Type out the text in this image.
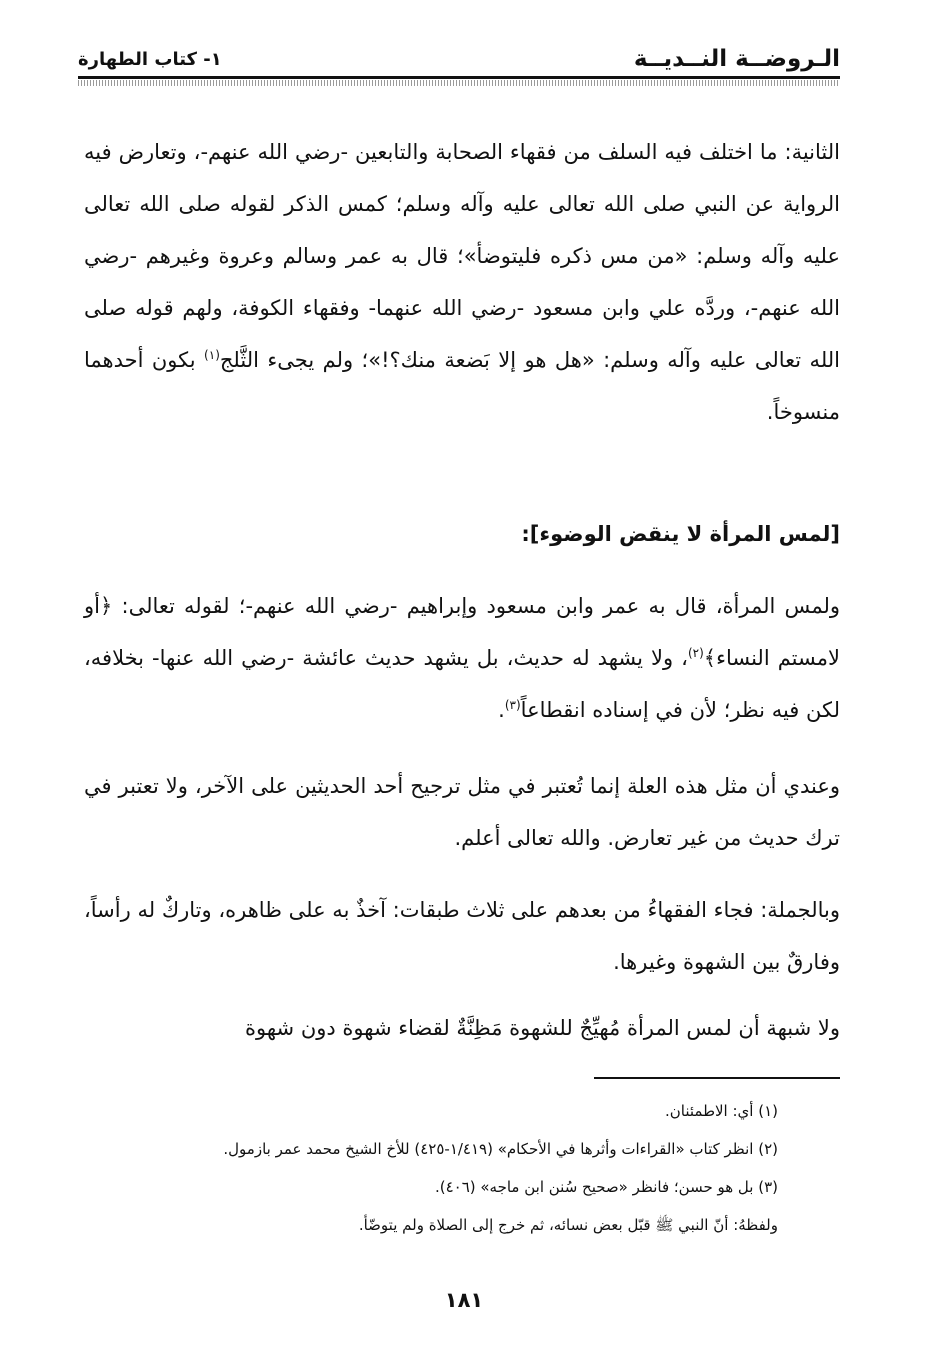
الـروضــة النــديــة
١- كتاب الطهارة

الثانية: ما اختلف فيه السلف من فقهاء الصحابة والتابعين -رضي الله عنهم-، وتعارض فيه الرواية عن النبي صلى الله تعالى عليه وآله وسلم؛ كمس الذكر لقوله صلى الله تعالى عليه وآله وسلم: «من مس ذكره فليتوضأ»؛ قال به عمر وسالم وعروة وغيرهم -رضي الله عنهم-، وردَّه علي وابن مسعود -رضي الله عنهما- وفقهاء الكوفة، ولهم قوله صلى الله تعالى عليه وآله وسلم: «هل هو إلا بَضعة منك؟!»؛ ولم يجىء الثَّلج$^{(١)}$ بكون أحدهما منسوخاً.

[لمس المرأة لا ينقض الوضوء]:

ولمس المرأة، قال به عمر وابن مسعود وإبراهيم -رضي الله عنهم-؛ لقوله تعالى: ﴿أو لامستم النساء﴾$^{(٢)}$، ولا يشهد له حديث، بل يشهد حديث عائشة -رضي الله عنها- بخلافه، لكن فيه نظر؛ لأن في إسناده انقطاعاً$^{(٣)}$.

وعندي أن مثل هذه العلة إنما تُعتبر في مثل ترجيح أحد الحديثين على الآخر، ولا تعتبر في ترك حديث من غير تعارض. والله تعالى أعلم.

وبالجملة: فجاء الفقهاءُ من بعدهم على ثلاث طبقات: آخذٌ به على ظاهره، وتاركٌ له رأساً، وفارقٌ بين الشهوة وغيرها.

ولا شبهة أن لمس المرأة مُهيِّجٌ للشهوة مَظِنَّةٌ لقضاء شهوة دون شهوة

(١) أي: الاطمئنان.
(٢) انظر كتاب «القراءات وأثرها في الأحكام» (١/٤١٩-٤٢٥) للأخ الشيخ محمد عمر بازمول.
(٣) بل هو حسن؛ فانظر «صحيح سُنن ابن ماجه» (٤٠٦).
ولفظهُ: أنّ النبي ﷺ قبّل بعض نسائه، ثم خرج إلى الصلاة ولم يتوضّأ.
١٨١
